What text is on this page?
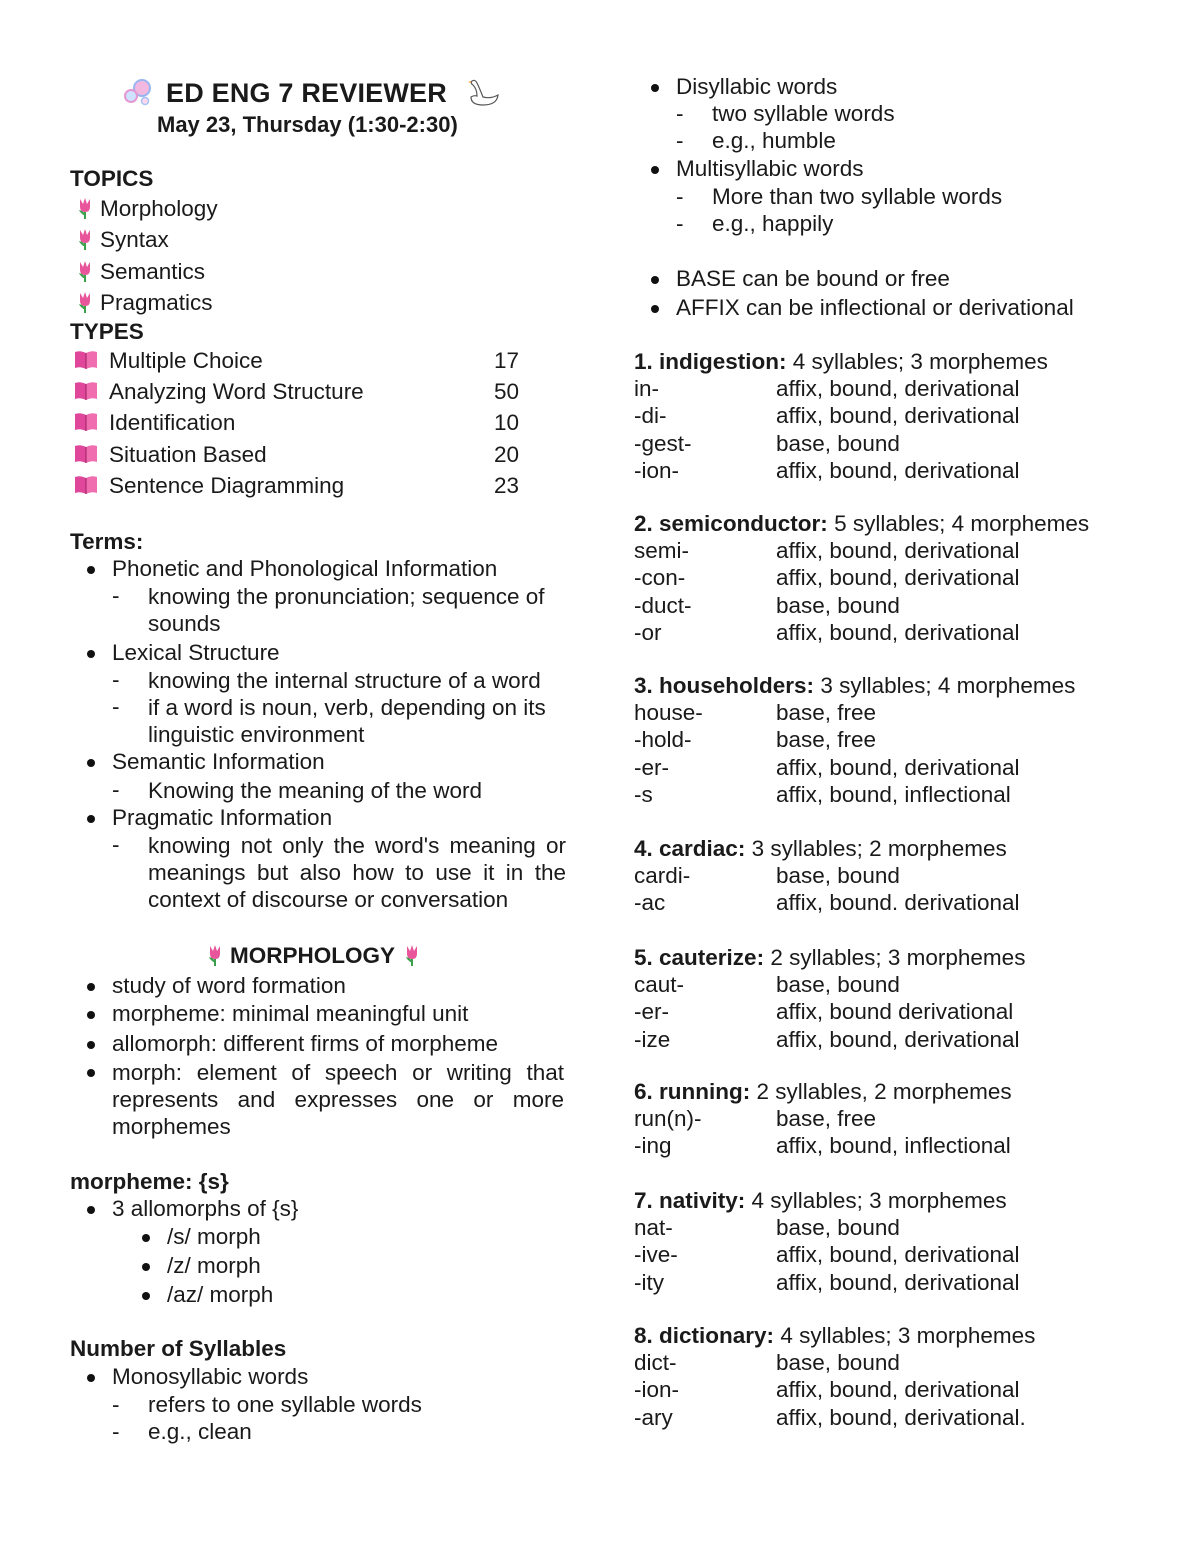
ED ENG 7 REVIEWER
May 23, Thursday (1:30-2:30)
TOPICS
Morphology
Syntax
Semantics
Pragmatics
TYPES
Multiple Choice	17
Analyzing Word Structure	50
Identification	10
Situation Based	20
Sentence Diagramming	23
Terms:
Phonetic and Phonological Information
- knowing the pronunciation; sequence of sounds
Lexical Structure
- knowing the internal structure of a word
- if a word is noun, verb, depending on its linguistic environment
Semantic Information
- Knowing the meaning of the word
Pragmatic Information
- knowing not only the word's meaning or meanings but also how to use it in the context of discourse or conversation
MORPHOLOGY
study of word formation
morpheme: minimal meaningful unit
allomorph: different firms of morpheme
morph: element of speech or writing that represents and expresses one or more morphemes
morpheme: {s}
3 allomorphs of {s}
/s/ morph
/z/ morph
/az/ morph
Number of Syllables
Monosyllabic words
- refers to one syllable words
- e.g., clean
Disyllabic words
- two syllable words
- e.g., humble
Multisyllabic words
- More than two syllable words
- e.g., happily
BASE can be bound or free
AFFIX can be inflectional or derivational
1. indigestion: 4 syllables; 3 morphemes
in-	affix, bound, derivational
-di-	affix, bound, derivational
-gest-	base, bound
-ion-	affix, bound, derivational
2. semiconductor: 5 syllables; 4 morphemes
semi-	affix, bound, derivational
-con-	affix, bound, derivational
-duct-	base, bound
-or	affix, bound, derivational
3. householders: 3 syllables; 4 morphemes
house-	base, free
-hold-	base, free
-er-	affix, bound, derivational
-s	affix, bound, inflectional
4. cardiac: 3 syllables; 2 morphemes
cardi-	base, bound
-ac	affix, bound. derivational
5. cauterize: 2 syllables; 3 morphemes
caut-	base, bound
-er-	affix, bound derivational
-ize	affix, bound, derivational
6. running: 2 syllables, 2 morphemes
run(n)-	base, free
-ing	affix, bound, inflectional
7. nativity: 4 syllables; 3 morphemes
nat-	base, bound
-ive-	affix, bound, derivational
-ity	affix, bound, derivational
8. dictionary: 4 syllables; 3 morphemes
dict-	base, bound
-ion-	affix, bound, derivational
-ary	affix, bound, derivational.
